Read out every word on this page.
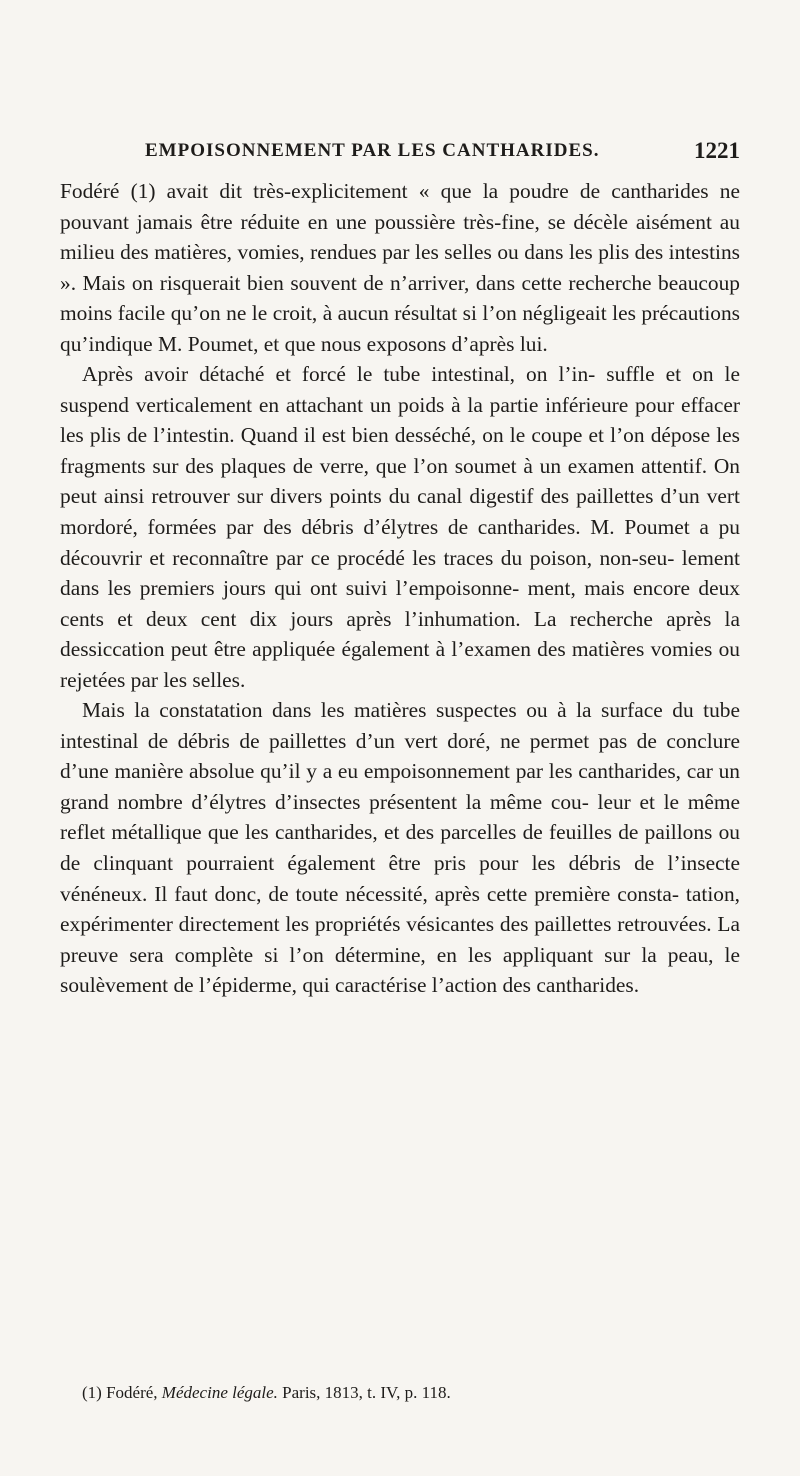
EMPOISONNEMENT PAR LES CANTHARIDES.	1221

Fodéré (1) avait dit très-explicitement « que la poudre de cantharides ne pouvant jamais être réduite en une poussière très-fine, se décèle aisément au milieu des matières, vomies, rendues par les selles ou dans les plis des intestins ». Mais on risquerait bien souvent de n’arriver, dans cette recherche beaucoup moins facile qu’on ne le croit, à aucun résultat si l’on négligeait les précautions qu’indique M. Poumet, et que nous exposons d’après lui.

Après avoir détaché et forcé le tube intestinal, on l’in- suffle et on le suspend verticalement en attachant un poids à la partie inférieure pour effacer les plis de l’intestin. Quand il est bien desséché, on le coupe et l’on dépose les fragments sur des plaques de verre, que l’on soumet à un examen attentif. On peut ainsi retrouver sur divers points du canal digestif des paillettes d’un vert mordoré, formées par des débris d’élytres de cantharides. M. Poumet a pu découvrir et reconnaître par ce procédé les traces du poison, non-seu- lement dans les premiers jours qui ont suivi l’empoisonne- ment, mais encore deux cents et deux cent dix jours après l’inhumation. La recherche après la dessiccation peut être appliquée également à l’examen des matières vomies ou rejetées par les selles.

Mais la constatation dans les matières suspectes ou à la surface du tube intestinal de débris de paillettes d’un vert doré, ne permet pas de conclure d’une manière absolue qu’il y a eu empoisonnement par les cantharides, car un grand nombre d’élytres d’insectes présentent la même cou- leur et le même reflet métallique que les cantharides, et des parcelles de feuilles de paillons ou de clinquant pourraient également être pris pour les débris de l’insecte vénéneux. Il faut donc, de toute nécessité, après cette première consta- tation, expérimenter directement les propriétés vésicantes des paillettes retrouvées. La preuve sera complète si l’on détermine, en les appliquant sur la peau, le soulèvement de l’épiderme, qui caractérise l’action des cantharides.

(1) Fodéré, Médecine légale. Paris, 1813, t. IV, p. 118.
